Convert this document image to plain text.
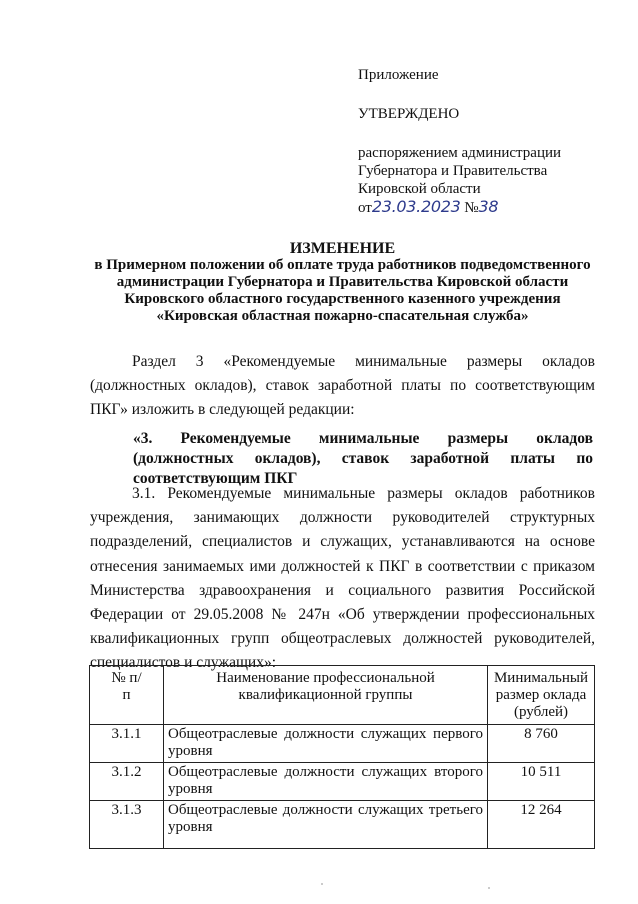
Приложение
УТВЕРЖДЕНО
распоряжением администрации
Губернатора и Правительства
Кировской области
от23.03.2023 №38
ИЗМЕНЕНИЕ
в Примерном положении об оплате труда работников подведомственного
администрации Губернатора и Правительства Кировской области
Кировского областного государственного казенного учреждения
«Кировская областная пожарно-спасательная служба»
Раздел 3 «Рекомендуемые минимальные размеры окладов (должностных окладов), ставок заработной платы по соответствующим ПКГ» изложить в следующей редакции:
«3. Рекомендуемые минимальные размеры окладов (должностных окладов), ставок заработной платы по соответствующим ПКГ
3.1. Рекомендуемые минимальные размеры окладов работников учреждения, занимающих должности руководителей структурных подразделений, специалистов и служащих, устанавливаются на основе отнесения занимаемых ими должностей к ПКГ в соответствии с приказом Министерства здравоохранения и социального развития Российской Федерации от 29.05.2008 № 247н «Об утверждении профессиональных квалификационных групп общеотраслевых должностей руководителей, специалистов и служащих»:
№ п/п	Наименование профессиональной квалификационной группы	Минимальный размер оклада (рублей)
3.1.1	Общеотраслевые должности служащих первого уровня	8 760
3.1.2	Общеотраслевые должности служащих второго уровня	10 511
3.1.3	Общеотраслевые должности служащих третьего уровня	12 264
